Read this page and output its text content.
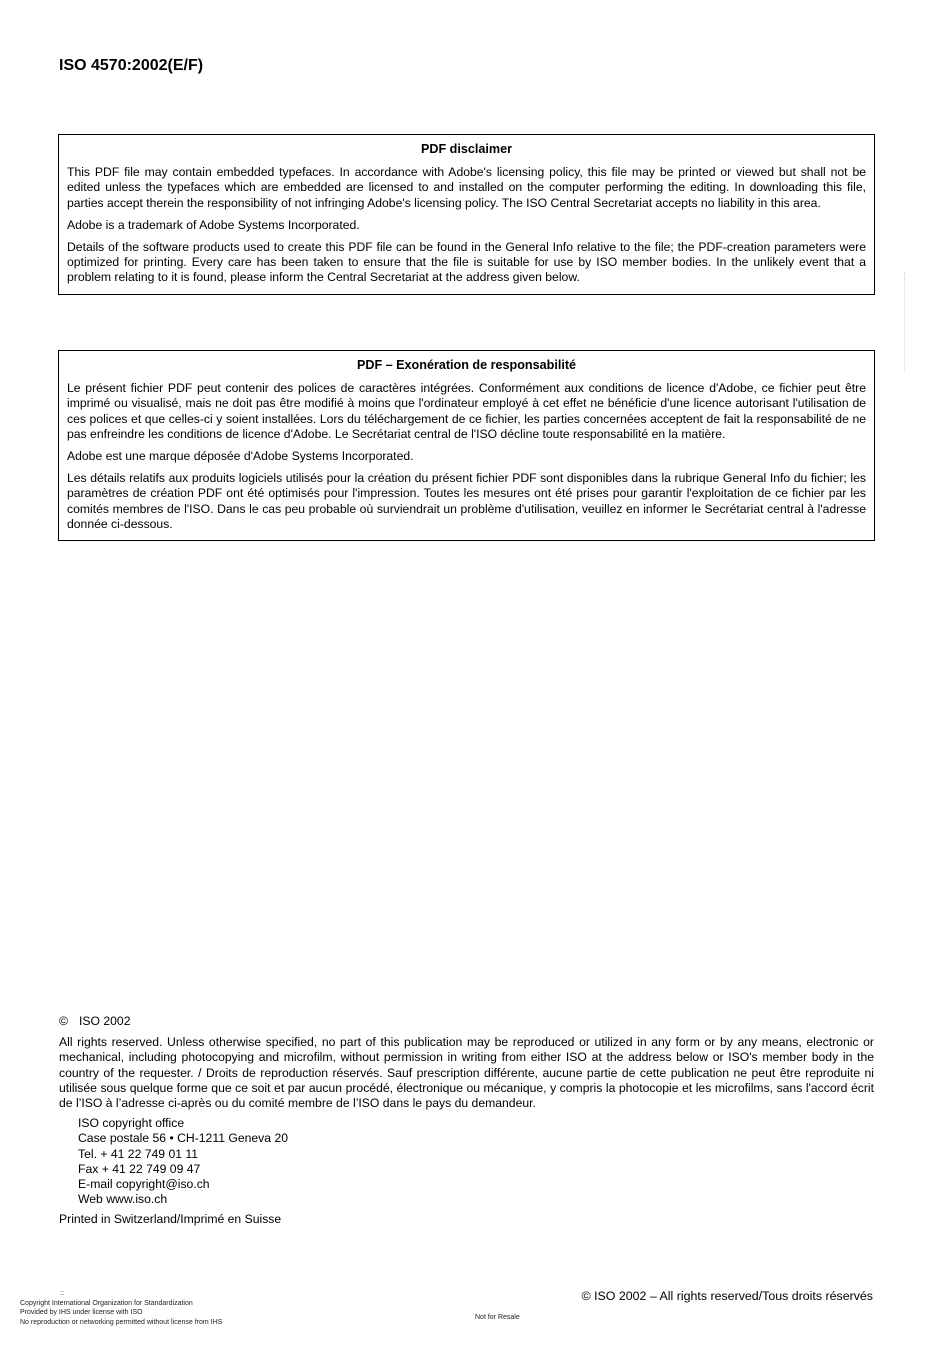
ISO 4570:2002(E/F)
PDF disclaimer

This PDF file may contain embedded typefaces. In accordance with Adobe's licensing policy, this file may be printed or viewed but shall not be edited unless the typefaces which are embedded are licensed to and installed on the computer performing the editing. In downloading this file, parties accept therein the responsibility of not infringing Adobe's licensing policy. The ISO Central Secretariat accepts no liability in this area.

Adobe is a trademark of Adobe Systems Incorporated.

Details of the software products used to create this PDF file can be found in the General Info relative to the file; the PDF-creation parameters were optimized for printing. Every care has been taken to ensure that the file is suitable for use by ISO member bodies. In the unlikely event that a problem relating to it is found, please inform the Central Secretariat at the address given below.

PDF – Exonération de responsabilité

Le présent fichier PDF peut contenir des polices de caractères intégrées. Conformément aux conditions de licence d'Adobe, ce fichier peut être imprimé ou visualisé, mais ne doit pas être modifié à moins que l'ordinateur employé à cet effet ne bénéficie d'une licence autorisant l'utilisation de ces polices et que celles-ci y soient installées. Lors du téléchargement de ce fichier, les parties concernées acceptent de fait la responsabilité de ne pas enfreindre les conditions de licence d'Adobe. Le Secrétariat central de l'ISO décline toute responsabilité en la matière.

Adobe est une marque déposée d'Adobe Systems Incorporated.

Les détails relatifs aux produits logiciels utilisés pour la création du présent fichier PDF sont disponibles dans la rubrique General Info du fichier; les paramètres de création PDF ont été optimisés pour l'impression. Toutes les mesures ont été prises pour garantir l'exploitation de ce fichier par les comités membres de l'ISO. Dans le cas peu probable où surviendrait un problème d'utilisation, veuillez en informer le Secrétariat central à l'adresse donnée ci-dessous.

© ISO 2002

All rights reserved. Unless otherwise specified, no part of this publication may be reproduced or utilized in any form or by any means, electronic or mechanical, including photocopying and microfilm, without permission in writing from either ISO at the address below or ISO's member body in the country of the requester. / Droits de reproduction réservés. Sauf prescription différente, aucune partie de cette publication ne peut être reproduite ni utilisée sous quelque forme que ce soit et par aucun procédé, électronique ou mécanique, y compris la photocopie et les microfilms, sans l'accord écrit de l’ISO à l’adresse ci-après ou du comité membre de l’ISO dans le pays du demandeur.

ISO copyright office
Case postale 56 • CH-1211 Geneva 20
Tel. + 41 22 749 01 11
Fax + 41 22 749 09 47
E-mail copyright@iso.ch
Web www.iso.ch

Printed in Switzerland/Imprimé en Suisse

::
Copyright International Organization for Standardization
Provided by IHS under license with ISO
No reproduction or networking permitted without license from IHS
Not for Resale
© ISO 2002 – All rights reserved/Tous droits réservés
